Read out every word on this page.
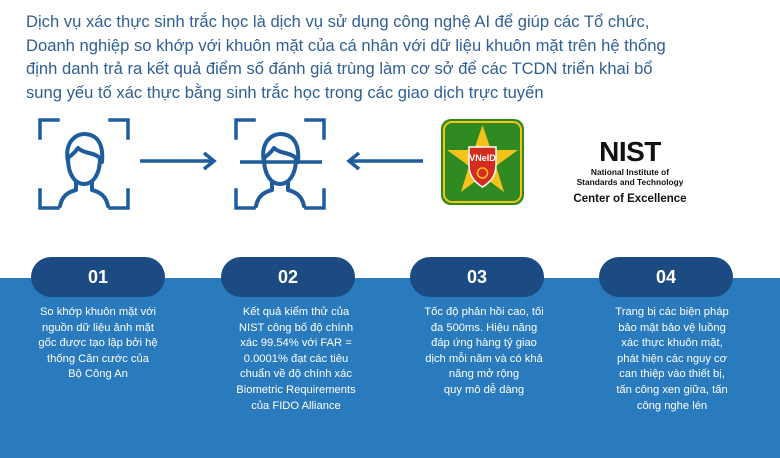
Dịch vụ xác thực sinh trắc học là dịch vụ sử dụng công nghệ AI để giúp các Tổ chức,
Doanh nghiệp so khớp với khuôn mặt của cá nhân với dữ liệu khuôn mặt trên hệ thống
định danh trả ra kết quả điểm số đánh giá trùng làm cơ sở để các TCDN triển khai bổ
sung yếu tố xác thực bằng sinh trắc học trong các giao dịch trực tuyến

VNeID	NIST
National Institute of
Standards and Technology
Center of Excellence
01
So khớp khuôn mặt với
nguồn dữ liệu ảnh mặt
gốc được tạo lập bởi hệ
thống Căn cước của
Bộ Công An
02
Kết quả kiểm thử của
NIST công bố độ chính
xác 99.54% với FAR =
0.0001% đạt các tiêu
chuẩn về độ chính xác
Biometric Requirements
của FIDO Alliance
03
Tốc độ phản hồi cao, tối
đa 500ms. Hiệu năng
đáp ứng hàng tỷ giao
dịch mỗi năm và có khả
năng mở rộng
quy mô dễ dàng
04
Trang bị các biện pháp
bảo mật bảo vệ luồng
xác thực khuôn mặt,
phát hiện các nguy cơ
can thiệp vào thiết bị,
tấn công xen giữa, tấn
công nghe lén
